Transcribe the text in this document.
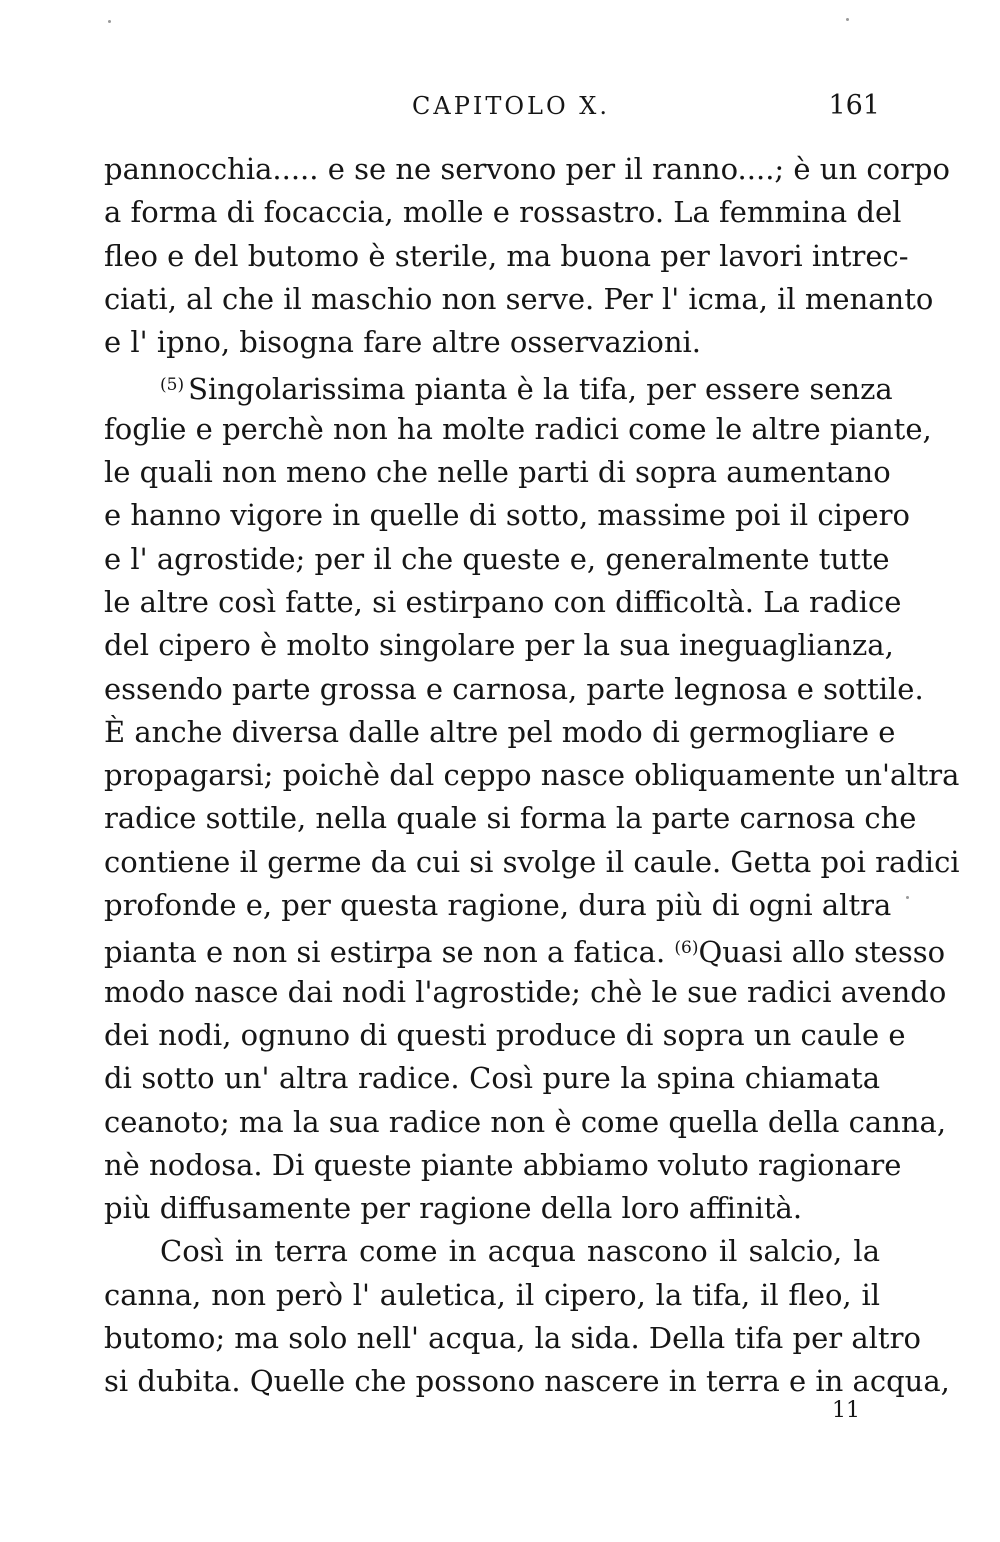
CAPITOLO X.	161
pannocchia..... e se ne servono per il ranno....; è un corpo
a forma di focaccia, molle e rossastro. La femmina del
fleo e del butomo è sterile, ma buona per lavori intrec-
ciati, al che il maschio non serve. Per l' icma, il menanto
e l' ipno, bisogna fare altre osservazioni.
$^{(5)}$ Singolarissima pianta è la tifa, per essere senza
foglie e perchè non ha molte radici come le altre piante,
le quali non meno che nelle parti di sopra aumentano
e hanno vigore in quelle di sotto, massime poi il cipero
e l' agrostide; per il che queste e, generalmente tutte
le altre così fatte, si estirpano con difficoltà. La radice
del cipero è molto singolare per la sua ineguaglianza,
essendo parte grossa e carnosa, parte legnosa e sottile.
È anche diversa dalle altre pel modo di germogliare e
propagarsi; poichè dal ceppo nasce obliquamente un'altra
radice sottile, nella quale si forma la parte carnosa che
contiene il germe da cui si svolge il caule. Getta poi radici
profonde e, per questa ragione, dura più di ogni altra
pianta e non si estirpa se non a fatica. $^{(6)}$Quasi allo stesso
modo nasce dai nodi l'agrostide; chè le sue radici avendo
dei nodi, ognuno di questi produce di sopra un caule e
di sotto un' altra radice. Così pure la spina chiamata
ceanoto; ma la sua radice non è come quella della canna,
nè nodosa. Di queste piante abbiamo voluto ragionare
più diffusamente per ragione della loro affinità.
Così in terra come in acqua nascono il salcio, la
canna, non però l' auletica, il cipero, la tifa, il fleo, il
butomo; ma solo nell' acqua, la sida. Della tifa per altro
si dubita. Quelle che possono nascere in terra e in acqua,
11
